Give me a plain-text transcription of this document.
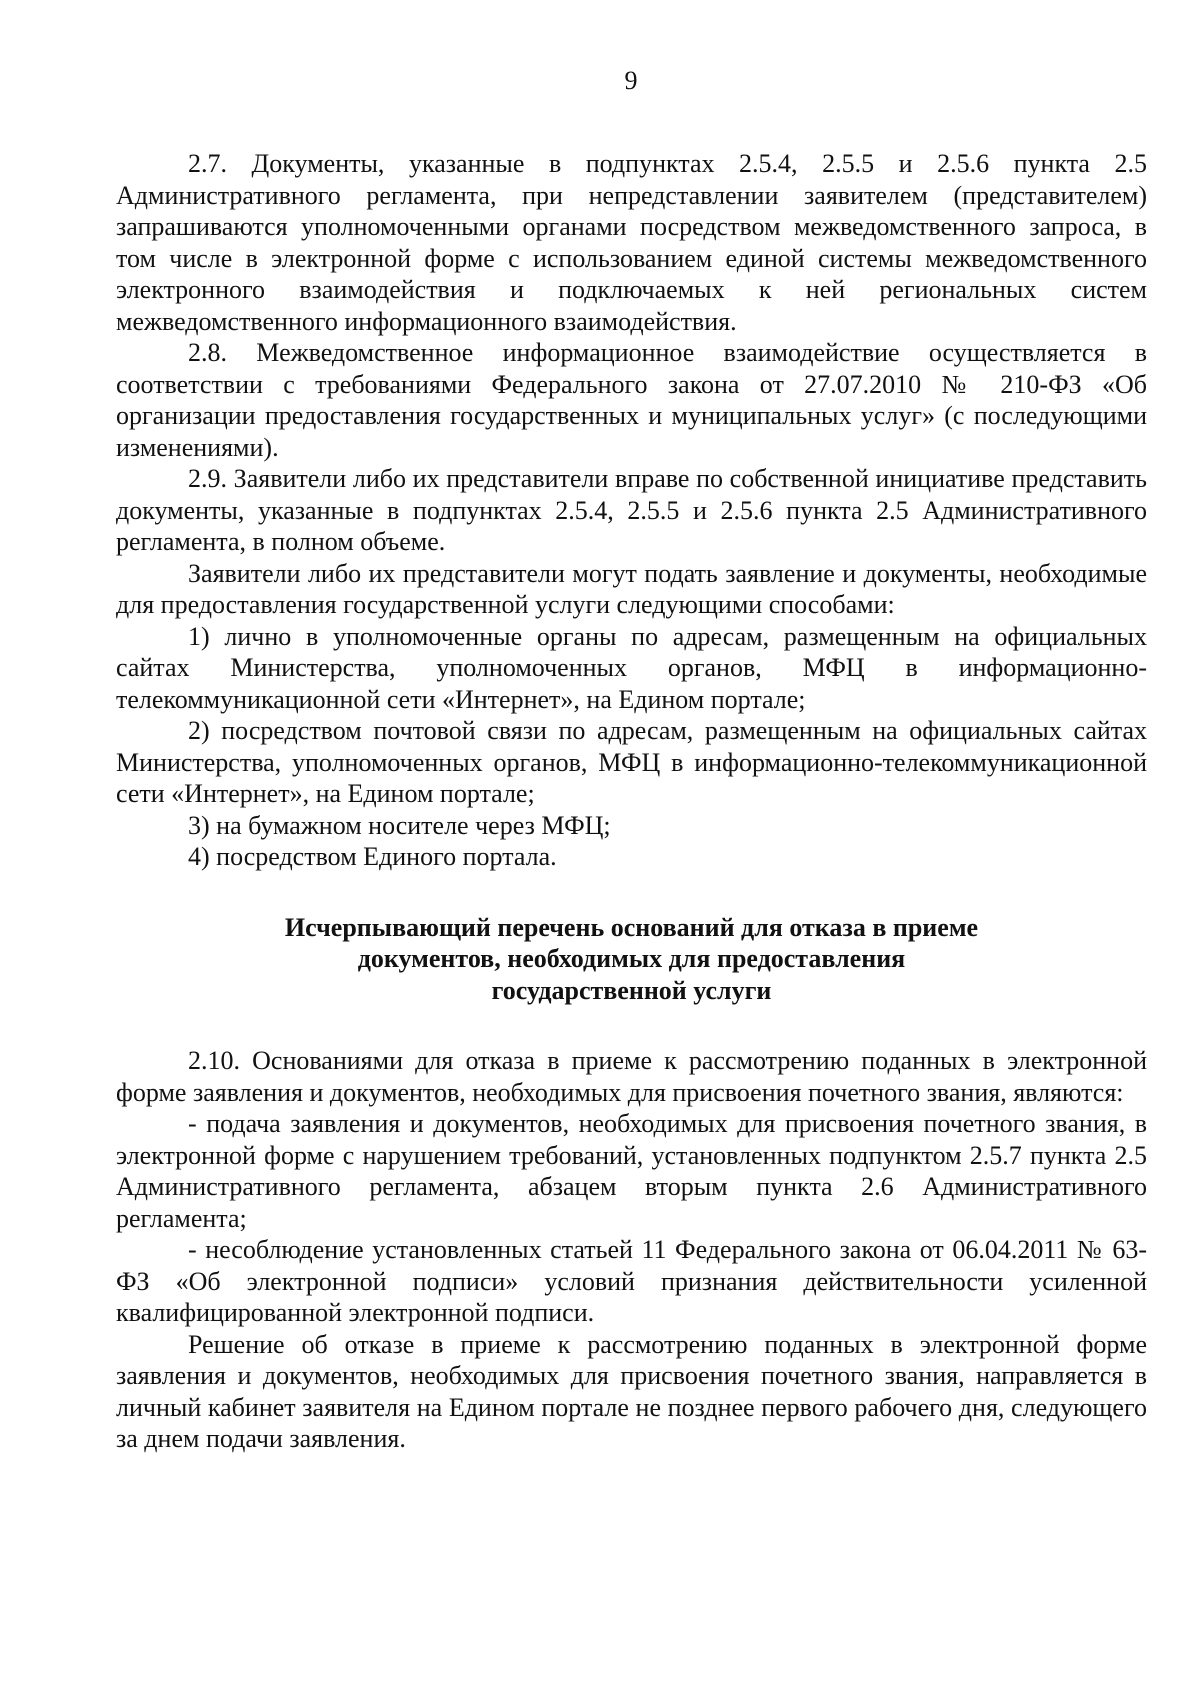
9

2.7. Документы, указанные в подпунктах 2.5.4, 2.5.5 и 2.5.6 пункта 2.5 Административного регламента, при непредставлении заявителем (представителем) запрашиваются уполномоченными органами посредством межведомственного запроса, в том числе в электронной форме с использованием единой системы межведомственного электронного взаимодействия и подключаемых к ней региональных систем межведомственного информационного взаимодействия.

2.8. Межведомственное информационное взаимодействие осуществляется в соответствии с требованиями Федерального закона от 27.07.2010 № 210-ФЗ «Об организации предоставления государственных и муниципальных услуг» (с последующими изменениями).

2.9. Заявители либо их представители вправе по собственной инициативе представить документы, указанные в подпунктах 2.5.4, 2.5.5 и 2.5.6 пункта 2.5 Административного регламента, в полном объеме.

Заявители либо их представители могут подать заявление и документы, необходимые для предоставления государственной услуги следующими способами:

1) лично в уполномоченные органы по адресам, размещенным на официальных сайтах Министерства, уполномоченных органов, МФЦ в информационно-телекоммуникационной сети «Интернет», на Едином портале;

2) посредством почтовой связи по адресам, размещенным на официальных сайтах Министерства, уполномоченных органов, МФЦ в информационно-телекоммуникационной сети «Интернет», на Едином портале;

3) на бумажном носителе через МФЦ;

4) посредством Единого портала.

Исчерпывающий перечень оснований для отказа в приеме
документов, необходимых для предоставления
государственной услуги

2.10. Основаниями для отказа в приеме к рассмотрению поданных в электронной форме заявления и документов, необходимых для присвоения почетного звания, являются:

- подача заявления и документов, необходимых для присвоения почетного звания, в электронной форме с нарушением требований, установленных подпунктом 2.5.7 пункта 2.5 Административного регламента, абзацем вторым пункта 2.6 Административного регламента;

- несоблюдение установленных статьей 11 Федерального закона от 06.04.2011 № 63-ФЗ «Об электронной подписи» условий признания действительности усиленной квалифицированной электронной подписи.

Решение об отказе в приеме к рассмотрению поданных в электронной форме заявления и документов, необходимых для присвоения почетного звания, направляется в личный кабинет заявителя на Едином портале не позднее первого рабочего дня, следующего за днем подачи заявления.
